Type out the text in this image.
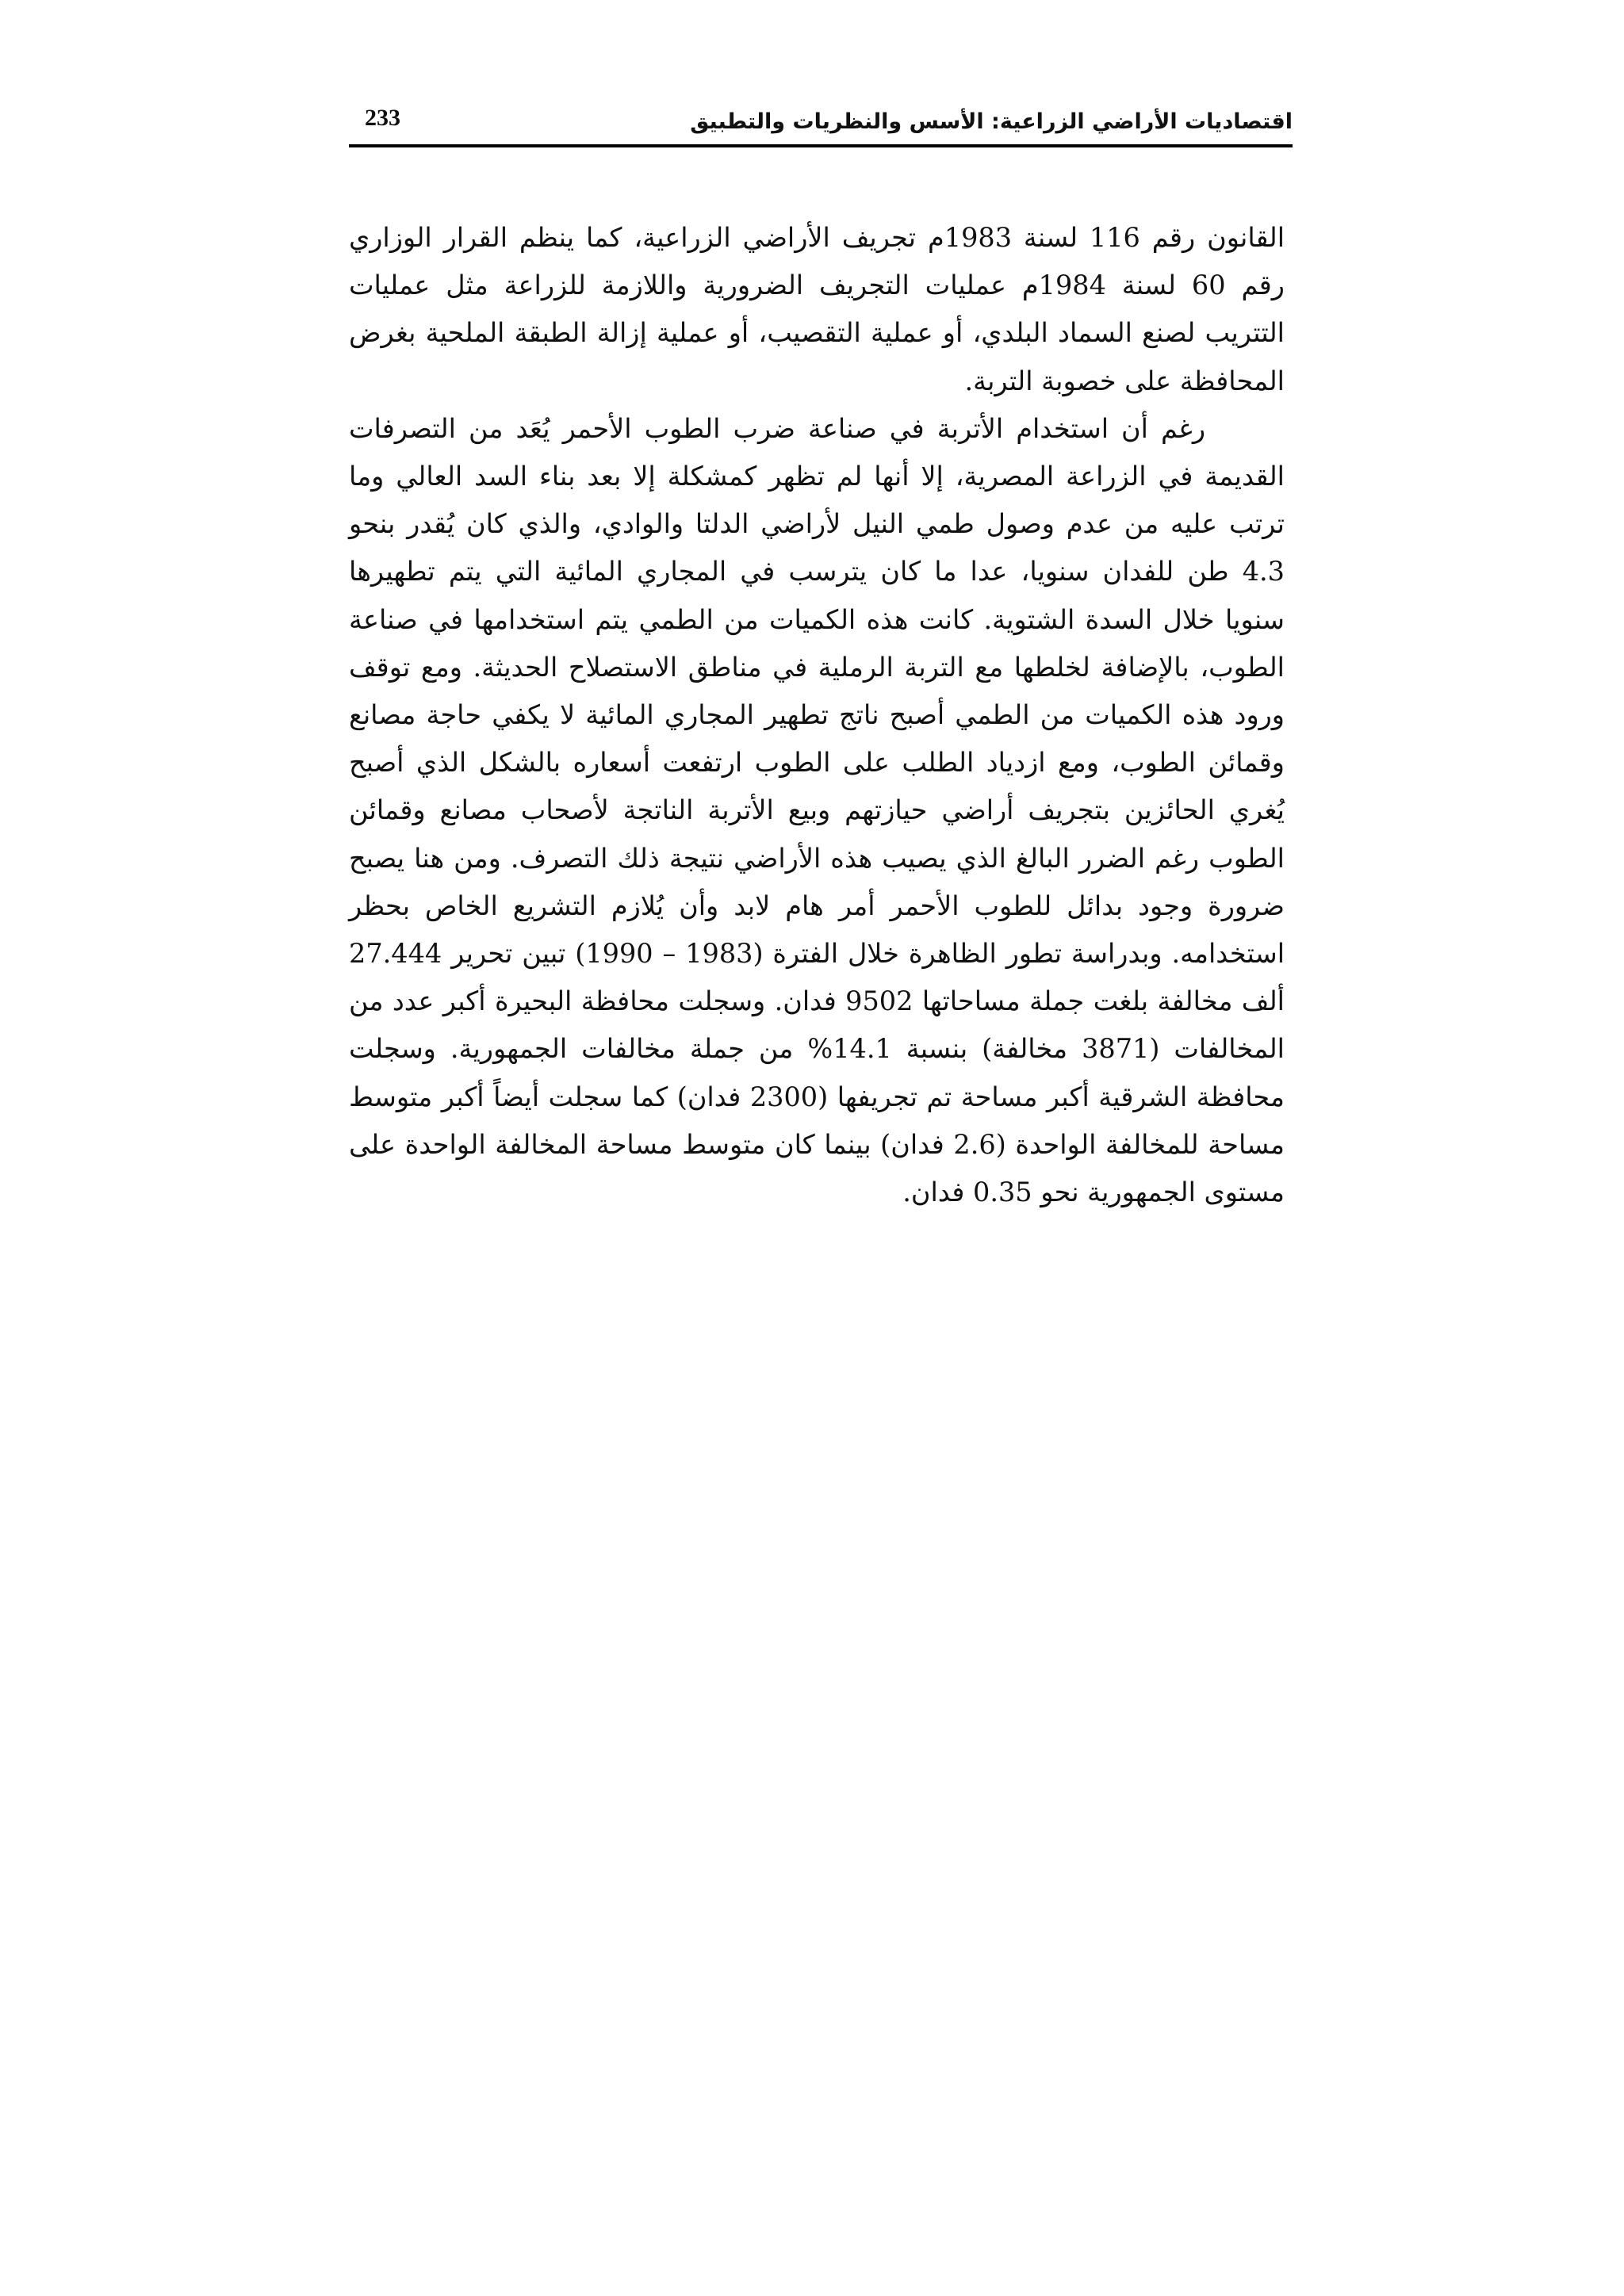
اقتصاديات الأراضي الزراعية: الأسس والنظريات والتطبيق
233

القانون رقم 116 لسنة 1983م تجريف الأراضي الزراعية، كما ينظم القرار الوزاري رقم 60 لسنة 1984م عمليات التجريف الضرورية واللازمة للزراعة مثل عمليات التتريب لصنع السماد البلدي، أو عملية التقصيب، أو عملية إزالة الطبقة الملحية بغرض المحافظة على خصوبة التربة.

رغم أن استخدام الأتربة في صناعة ضرب الطوب الأحمر يُعَد من التصرفات القديمة في الزراعة المصرية، إلا أنها لم تظهر كمشكلة إلا بعد بناء السد العالي وما ترتب عليه من عدم وصول طمي النيل لأراضي الدلتا والوادي، والذي كان يُقدر بنحو 4.3 طن للفدان سنويا، عدا ما كان يترسب في المجاري المائية التي يتم تطهيرها سنويا خلال السدة الشتوية. كانت هذه الكميات من الطمي يتم استخدامها في صناعة الطوب، بالإضافة لخلطها مع التربة الرملية في مناطق الاستصلاح الحديثة. ومع توقف ورود هذه الكميات من الطمي أصبح ناتج تطهير المجاري المائية لا يكفي حاجة مصانع وقمائن الطوب، ومع ازدياد الطلب على الطوب ارتفعت أسعاره بالشكل الذي أصبح يُغري الحائزين بتجريف أراضي حيازتهم وبيع الأتربة الناتجة لأصحاب مصانع وقمائن الطوب رغم الضرر البالغ الذي يصيب هذه الأراضي نتيجة ذلك التصرف. ومن هنا يصبح ضرورة وجود بدائل للطوب الأحمر أمر هام لابد وأن يُلازم التشريع الخاص بحظر استخدامه. وبدراسة تطور الظاهرة خلال الفترة (1983 – 1990) تبين تحرير 27.444 ألف مخالفة بلغت جملة مساحاتها 9502 فدان. وسجلت محافظة البحيرة أكبر عدد من المخالفات (3871 مخالفة) بنسبة 14.1% من جملة مخالفات الجمهورية. وسجلت محافظة الشرقية أكبر مساحة تم تجريفها (2300 فدان) كما سجلت أيضاً أكبر متوسط مساحة للمخالفة الواحدة (2.6 فدان) بينما كان متوسط مساحة المخالفة الواحدة على مستوى الجمهورية نحو 0.35 فدان.
